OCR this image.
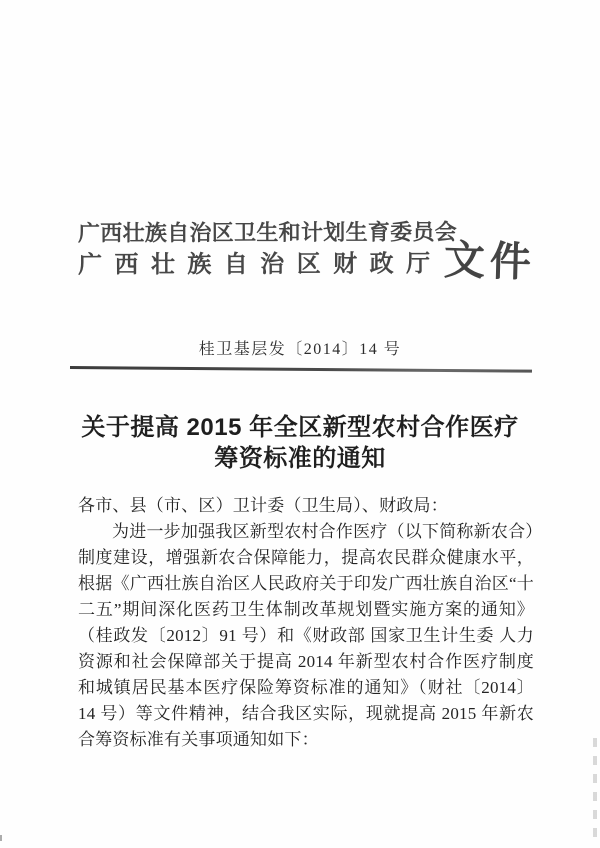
广西壮族自治区卫生和计划生育委员会
广西壮族自治区财政厅 文件
桂卫基层发〔2014〕14 号
关于提高 2015 年全区新型农村合作医疗
筹资标准的通知

各市、县（市、区）卫计委（卫生局）、财政局：

为进一步加强我区新型农村合作医疗（以下简称新农合）制度建设，增强新农合保障能力，提高农民群众健康水平，根据《广西壮族自治区人民政府关于印发广西壮族自治区“十二五”期间深化医药卫生体制改革规划暨实施方案的通知》（桂政发〔2012〕91 号）和《财政部 国家卫生计生委 人力资源和社会保障部关于提高 2014 年新型农村合作医疗制度和城镇居民基本医疗保险筹资标准的通知》（财社〔2014〕14 号）等文件精神，结合我区实际，现就提高 2015 年新农合筹资标准有关事项通知如下：
